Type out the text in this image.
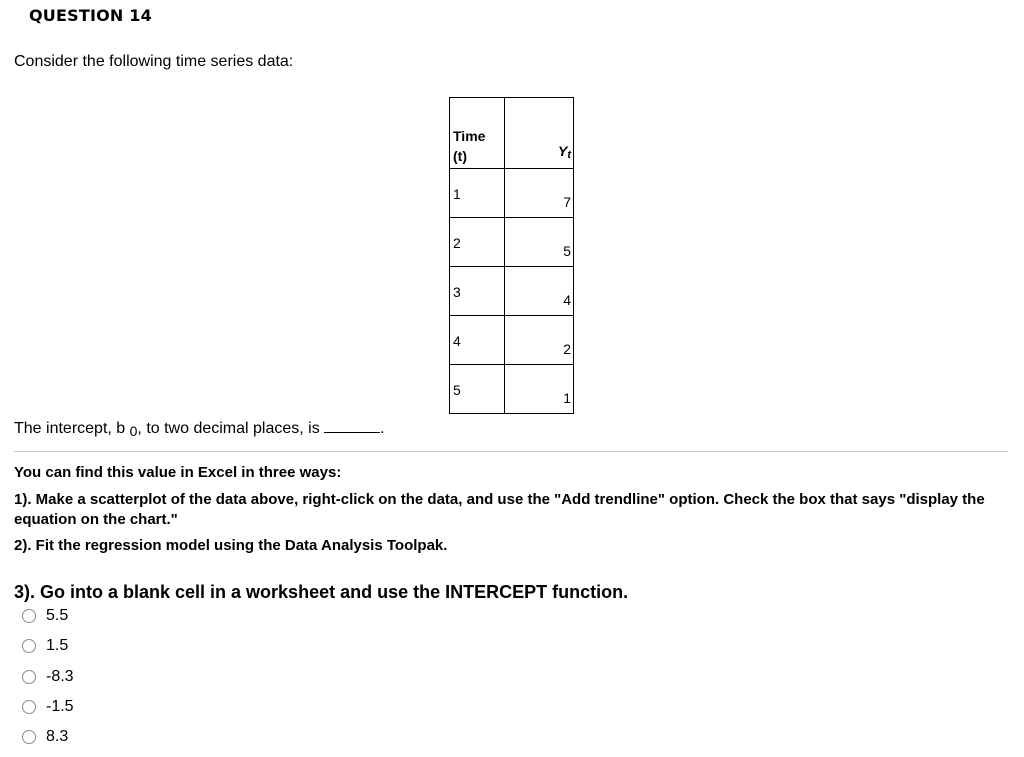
QUESTION 14
Consider the following time series data:
Time
(t)	$Y_t$

1	7

2	5

3	4

4	2

5	1
The intercept, b 0, to two decimal places, is	.
You can find this value in Excel in three ways:
1). Make a scatterplot of the data above, right-click on the data, and use the "Add trendline" option. Check the box that says "display the equation on the chart."
2). Fit the regression model using the Data Analysis Toolpak.
3). Go into a blank cell in a worksheet and use the INTERCEPT function.
5.5
1.5
-8.3
-1.5
8.3
